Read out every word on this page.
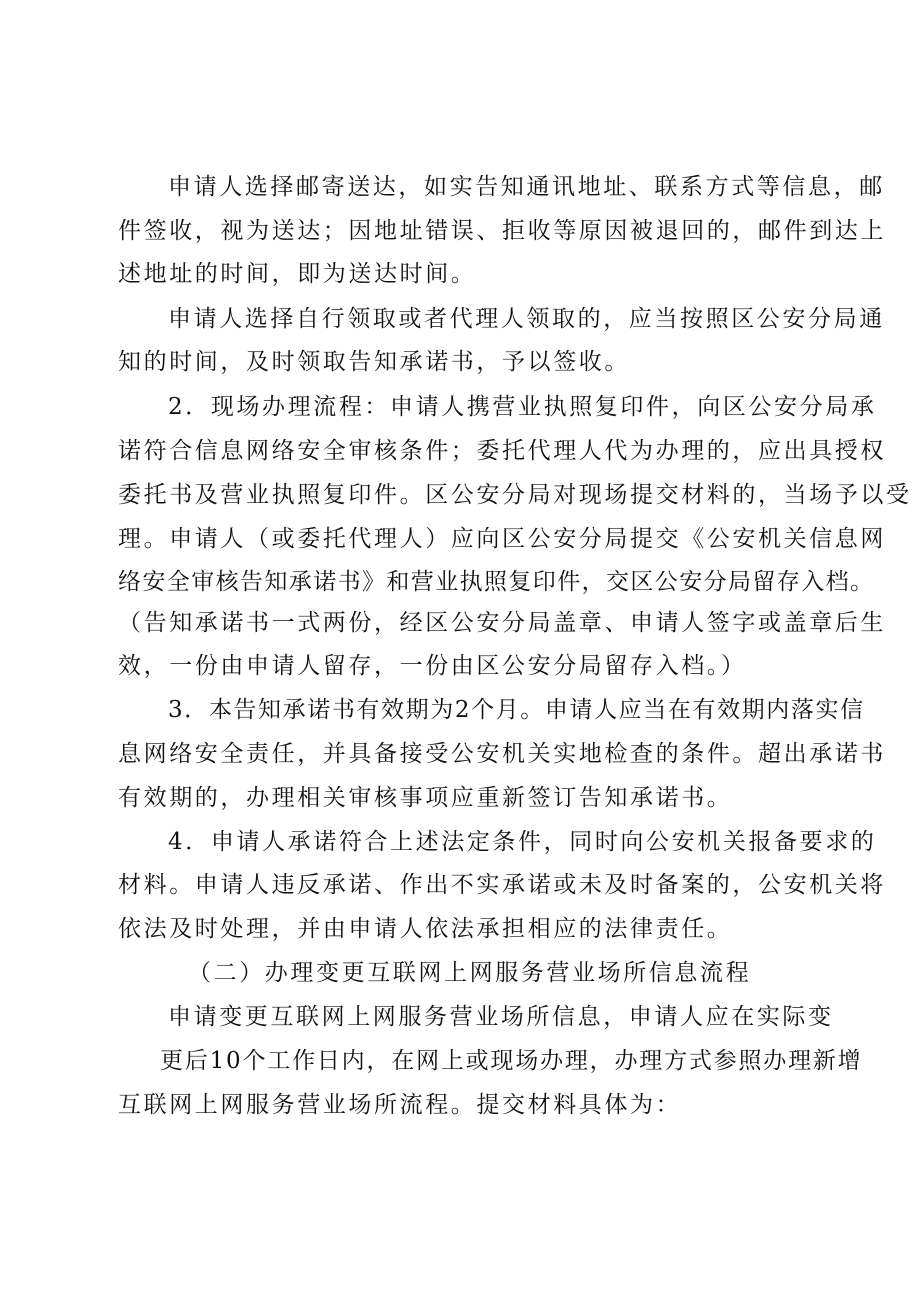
申请人选择邮寄送达，如实告知通讯地址、联系方式等信息，邮

件签收，视为送达；因地址错误、拒收等原因被退回的，邮件到达上

述地址的时间，即为送达时间。

申请人选择自行领取或者代理人领取的，应当按照区公安分局通

知的时间，及时领取告知承诺书，予以签收。

2．现场办理流程：申请人携营业执照复印件，向区公安分局承

诺符合信息网络安全审核条件；委托代理人代为办理的，应出具授权

委托书及营业执照复印件。区公安分局对现场提交材料的，当场予以受

理。申请人（或委托代理人）应向区公安分局提交《公安机关信息网

络安全审核告知承诺书》和营业执照复印件，交区公安分局留存入档。

（告知承诺书一式两份，经区公安分局盖章、申请人签字或盖章后生

效，一份由申请人留存，一份由区公安分局留存入档。）

3．本告知承诺书有效期为2个月。申请人应当在有效期内落实信

息网络安全责任，并具备接受公安机关实地检查的条件。超出承诺书

有效期的，办理相关审核事项应重新签订告知承诺书。

4．申请人承诺符合上述法定条件，同时向公安机关报备要求的

材料。申请人违反承诺、作出不实承诺或未及时备案的，公安机关将

依法及时处理，并由申请人依法承担相应的法律责任。

（二）办理变更互联网上网服务营业场所信息流程

申请变更互联网上网服务营业场所信息，申请人应在实际变

更后10个工作日内，在网上或现场办理，办理方式参照办理新增

互联网上网服务营业场所流程。提交材料具体为：
